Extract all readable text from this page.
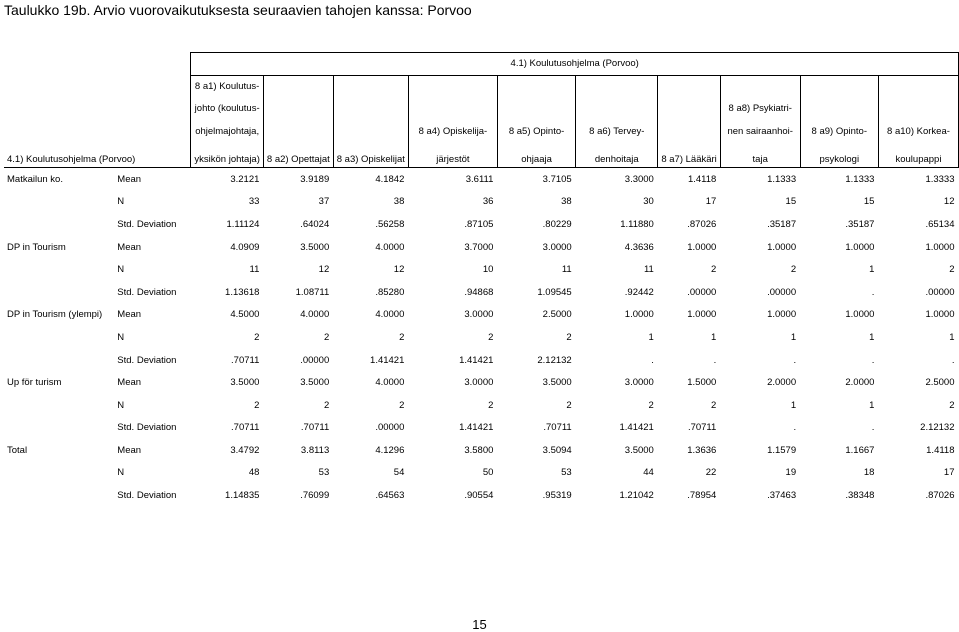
Taulukko 19b. Arvio vuorovaikutuksesta seuraavien tahojen kanssa: Porvoo
		4.1) Koulutusohjelma (Porvoo)									
		8 a1) Koulutus-									
		johto (koulutus-							8 a8) Psykiatri-		
		ohjelmajohtaja,			8 a4) Opiskelija-	8 a5) Opinto-	8 a6) Tervey-		nen sairaanhoi-	8 a9) Opinto-	8 a10) Korkea-
4.1) Koulutusohjelma (Porvoo)		yksikön johtaja)	8 a2) Opettajat	8 a3) Opiskelijat	järjestöt	ohjaaja	denhoitaja	8 a7) Lääkäri	taja	psykologi	koulupappi
Matkailun ko.	Mean	3.2121	3.9189	4.1842	3.6111	3.7105	3.3000	1.4118	1.1333	1.1333	1.3333
	N	33	37	38	36	38	30	17	15	15	12
	Std. Deviation	1.11124	.64024	.56258	.87105	.80229	1.11880	.87026	.35187	.35187	.65134
DP in Tourism	Mean	4.0909	3.5000	4.0000	3.7000	3.0000	4.3636	1.0000	1.0000	1.0000	1.0000
	N	11	12	12	10	11	11	2	2	1	2
	Std. Deviation	1.13618	1.08711	.85280	.94868	1.09545	.92442	.00000	.00000	.	.00000
DP in Tourism (ylempi)	Mean	4.5000	4.0000	4.0000	3.0000	2.5000	1.0000	1.0000	1.0000	1.0000	1.0000
	N	2	2	2	2	2	1	1	1	1	1
	Std. Deviation	.70711	.00000	1.41421	1.41421	2.12132	.	.	.	.	.
Up för turism	Mean	3.5000	3.5000	4.0000	3.0000	3.5000	3.0000	1.5000	2.0000	2.0000	2.5000
	N	2	2	2	2	2	2	2	1	1	2
	Std. Deviation	.70711	.70711	.00000	1.41421	.70711	1.41421	.70711	.	.	2.12132
Total	Mean	3.4792	3.8113	4.1296	3.5800	3.5094	3.5000	1.3636	1.1579	1.1667	1.4118
	N	48	53	54	50	53	44	22	19	18	17
	Std. Deviation	1.14835	.76099	.64563	.90554	.95319	1.21042	.78954	.37463	.38348	.87026
15
